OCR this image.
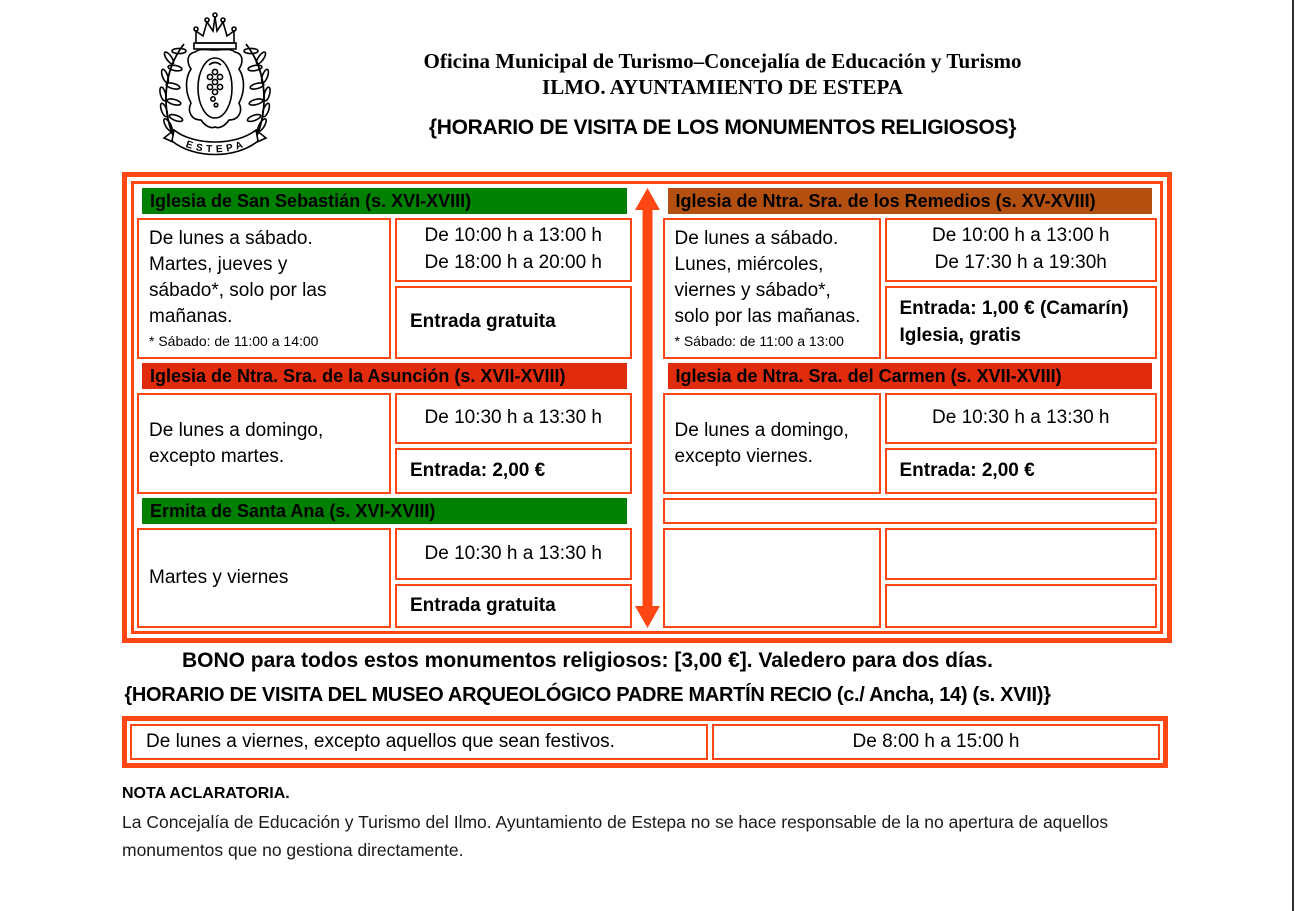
ESTEPA
Oficina Municipal de Turismo–Concejalía de Educación y Turismo
ILMO. AYUNTAMIENTO DE ESTEPA
{HORARIO DE VISITA DE LOS MONUMENTOS RELIGIOSOS}
Iglesia de San Sebastián (s. XVI-XVIII)
De lunes a sábado.
Martes, jueves y
sábado*, solo por las
mañanas.
* Sábado: de 11:00 a 14:00
De 10:00 h a 13:00 h
De 18:00 h a 20:00 h
Entrada gratuita
Iglesia de Ntra. Sra. de la Asunción (s. XVII-XVIII)
De lunes a domingo,
excepto martes.
De 10:30 h a 13:30 h
Entrada: 2,00 €
Ermita de Santa Ana (s. XVI-XVIII)
Martes y viernes
De 10:30 h a 13:30 h
Entrada gratuita
Iglesia de Ntra. Sra. de los Remedios (s. XV-XVIII)
De lunes a sábado.
Lunes, miércoles,
viernes y sábado*,
solo por las mañanas.
* Sábado: de 11:00 a 13:00
De 10:00 h a 13:00 h
De 17:30 h a 19:30h
Entrada: 1,00 € (Camarín)
Iglesia, gratis
Iglesia de Ntra. Sra. del Carmen (s. XVII-XVIII)
De lunes a domingo,
excepto viernes.
De 10:30 h a 13:30 h
Entrada: 2,00 €
BONO para todos estos monumentos religiosos: [3,00 €]. Valedero para dos días.
{HORARIO DE VISITA DEL MUSEO ARQUEOLÓGICO PADRE MARTÍN RECIO (c./ Ancha, 14) (s. XVII)}
De lunes a viernes, excepto aquellos que sean festivos.	De 8:00 h a 15:00 h
NOTA ACLARATORIA.
La Concejalía de Educación y Turismo del Ilmo. Ayuntamiento de Estepa no se hace responsable de la no apertura de aquellos
monumentos que no gestiona directamente.
